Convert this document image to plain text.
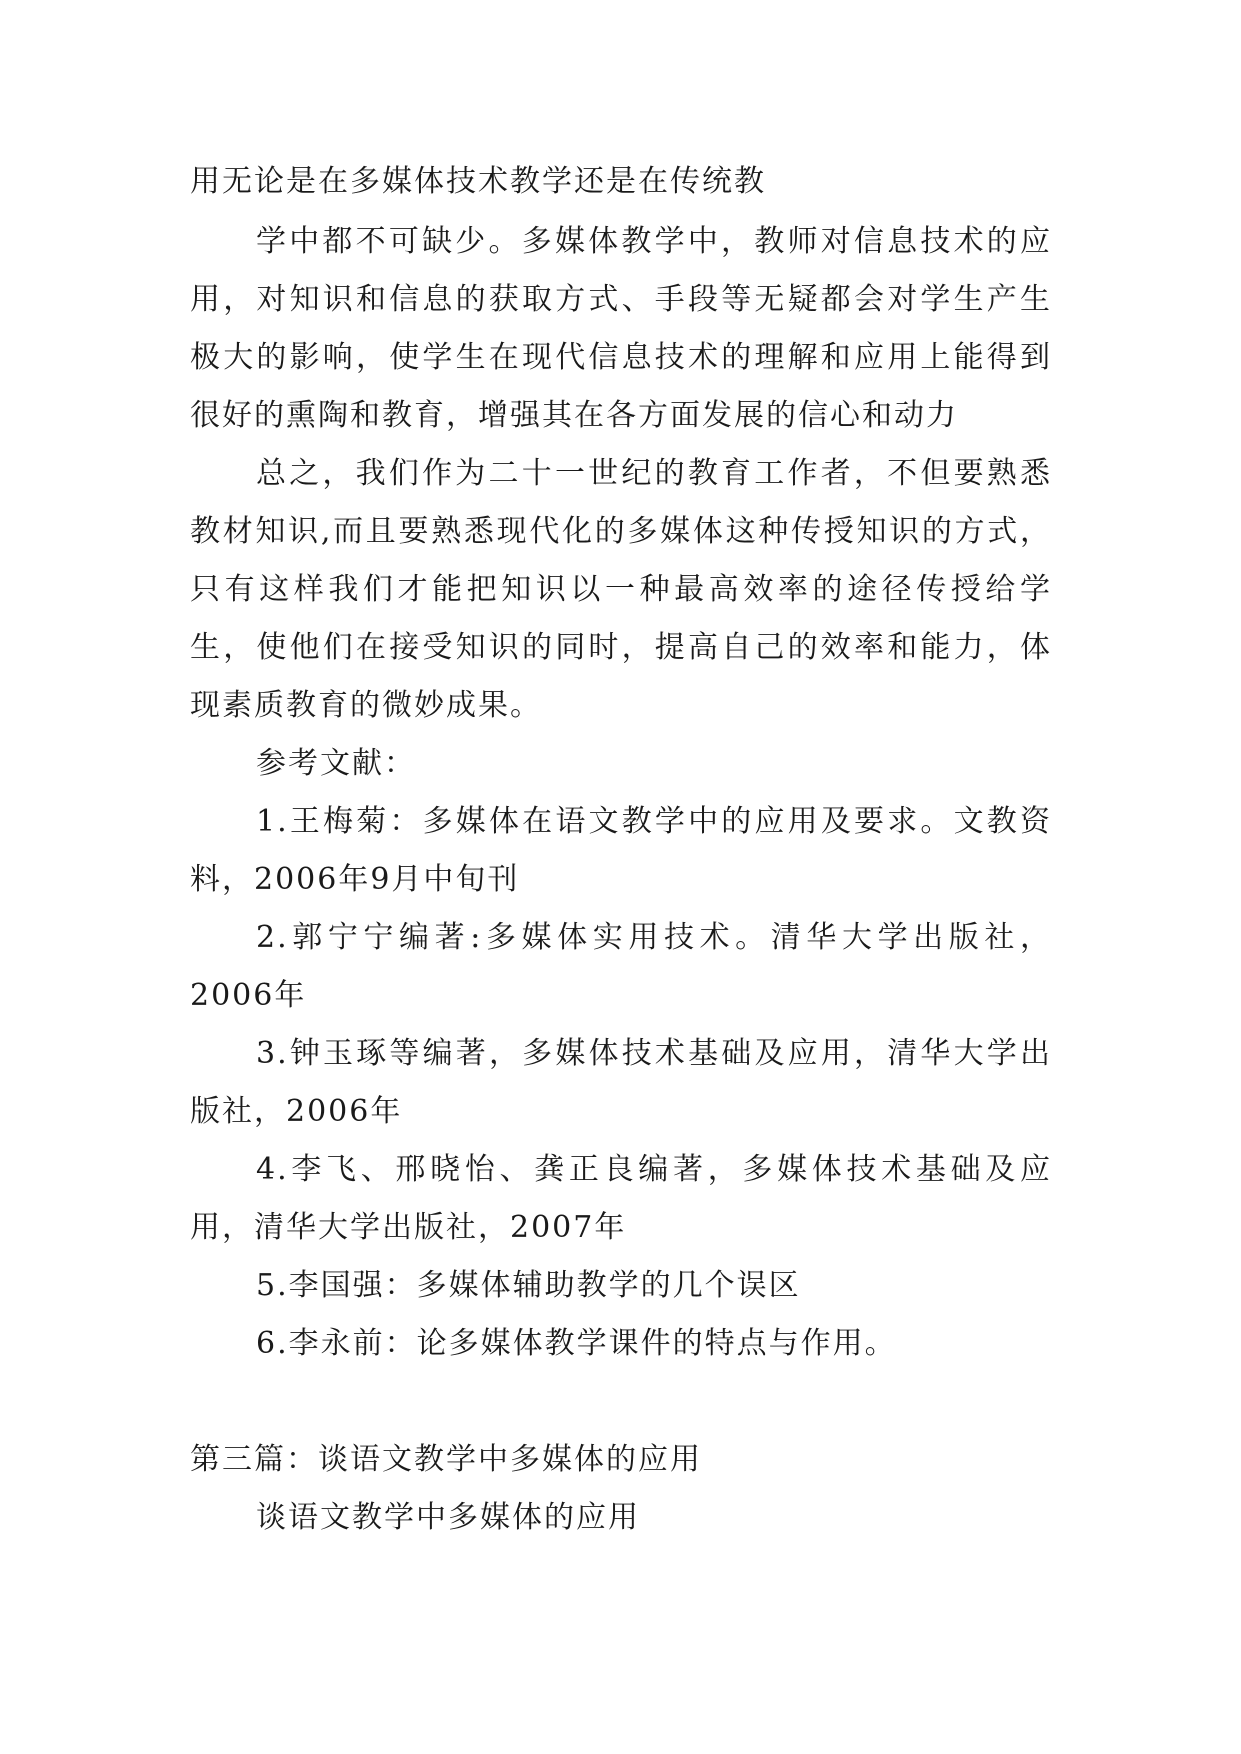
用无论是在多媒体技术教学还是在传统教

学中都不可缺少。多媒体教学中，教师对信息技术的应用，对知识和信息的获取方式、手段等无疑都会对学生产生极大的影响，使学生在现代信息技术的理解和应用上能得到很好的熏陶和教育，增强其在各方面发展的信心和动力

总之，我们作为二十一世纪的教育工作者，不但要熟悉教材知识,而且要熟悉现代化的多媒体这种传授知识的方式，只有这样我们才能把知识以一种最高效率的途径传授给学生，使他们在接受知识的同时，提高自己的效率和能力，体现素质教育的微妙成果。

参考文献：

1.王梅菊：多媒体在语文教学中的应用及要求。文教资料，2006年9月中旬刊

2.郭宁宁编著:多媒体实用技术。清华大学出版社，2006年

3.钟玉琢等编著，多媒体技术基础及应用，清华大学出版社，2006年

4.李飞、邢晓怡、龚正良编著，多媒体技术基础及应用，清华大学出版社，2007年

5.李国强：多媒体辅助教学的几个误区

6.李永前：论多媒体教学课件的特点与作用。

第三篇：谈语文教学中多媒体的应用

谈语文教学中多媒体的应用
